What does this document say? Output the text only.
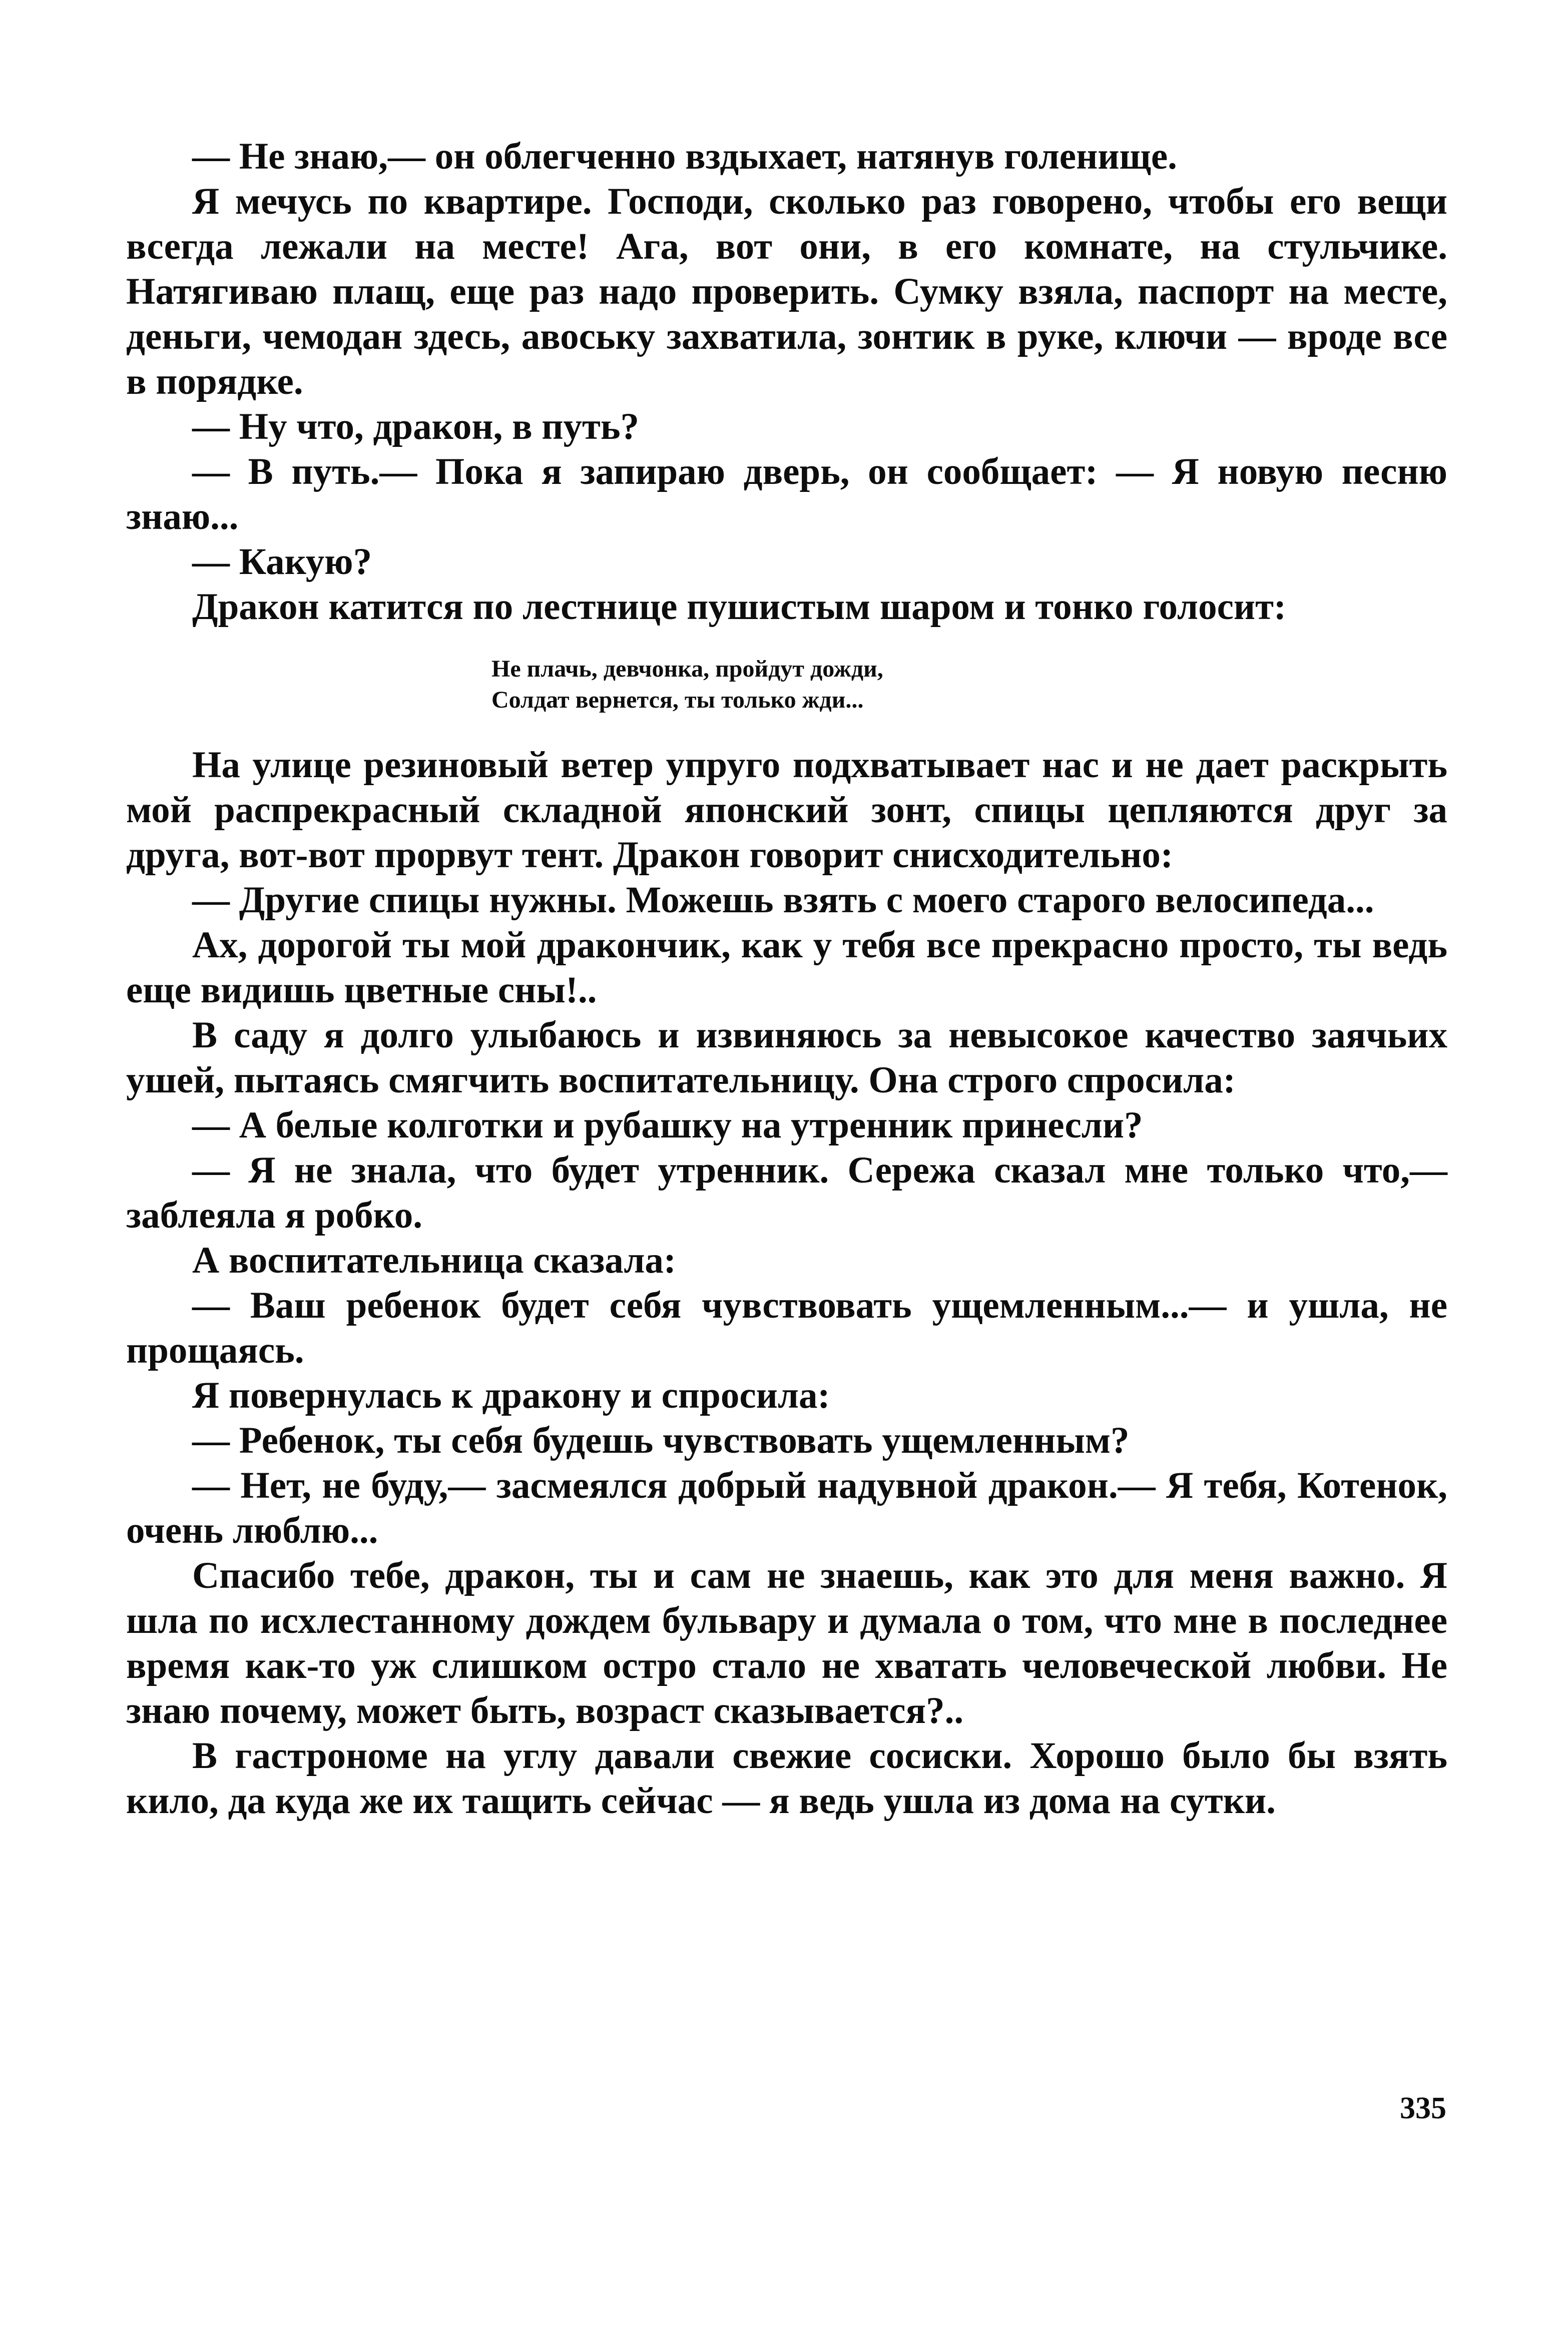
— Не знаю,— он облегченно вздыхает, натянув голенище.

Я мечусь по квартире. Господи, сколько раз говорено, чтобы его вещи всегда лежали на месте! Ага, вот они, в его комнате, на стульчике. Натягиваю плащ, еще раз надо проверить. Сумку взяла, паспорт на месте, деньги, чемодан здесь, авоську захватила, зонтик в руке, ключи — вроде все в порядке.

— Ну что, дракон, в путь?

— В путь.— Пока я запираю дверь, он сообщает: — Я новую песню знаю...

— Какую?

Дракон катится по лестнице пушистым шаром и тонко голосит:

Не плачь, девчонка, пройдут дожди,
Солдат вернется, ты только жди...

На улице резиновый ветер упруго подхватывает нас и не дает раскрыть мой распрекрасный складной японский зонт, спицы цепляются друг за друга, вот-вот прорвут тент. Дракон говорит снисходительно:

— Другие спицы нужны. Можешь взять с моего старого велосипеда...

Ах, дорогой ты мой дракончик, как у тебя все прекрасно просто, ты ведь еще видишь цветные сны!..

В саду я долго улыбаюсь и извиняюсь за невысокое качество заячьих ушей, пытаясь смягчить воспитательницу. Она строго спросила:

— А белые колготки и рубашку на утренник принесли?

— Я не знала, что будет утренник. Сережа сказал мне только что,— заблеяла я робко.

А воспитательница сказала:

— Ваш ребенок будет себя чувствовать ущемленным...— и ушла, не прощаясь.

Я повернулась к дракону и спросила:

— Ребенок, ты себя будешь чувствовать ущемленным?

— Нет, не буду,— засмеялся добрый надувной дракон.— Я тебя, Котенок, очень люблю...

Спасибо тебе, дракон, ты и сам не знаешь, как это для меня важно. Я шла по исхлестанному дождем бульвару и думала о том, что мне в последнее время как-то уж слишком остро стало не хватать человеческой любви. Не знаю почему, может быть, возраст сказывается?..

В гастрономе на углу давали свежие сосиски. Хорошо было бы взять кило, да куда же их тащить сейчас — я ведь ушла из дома на сутки.

335
